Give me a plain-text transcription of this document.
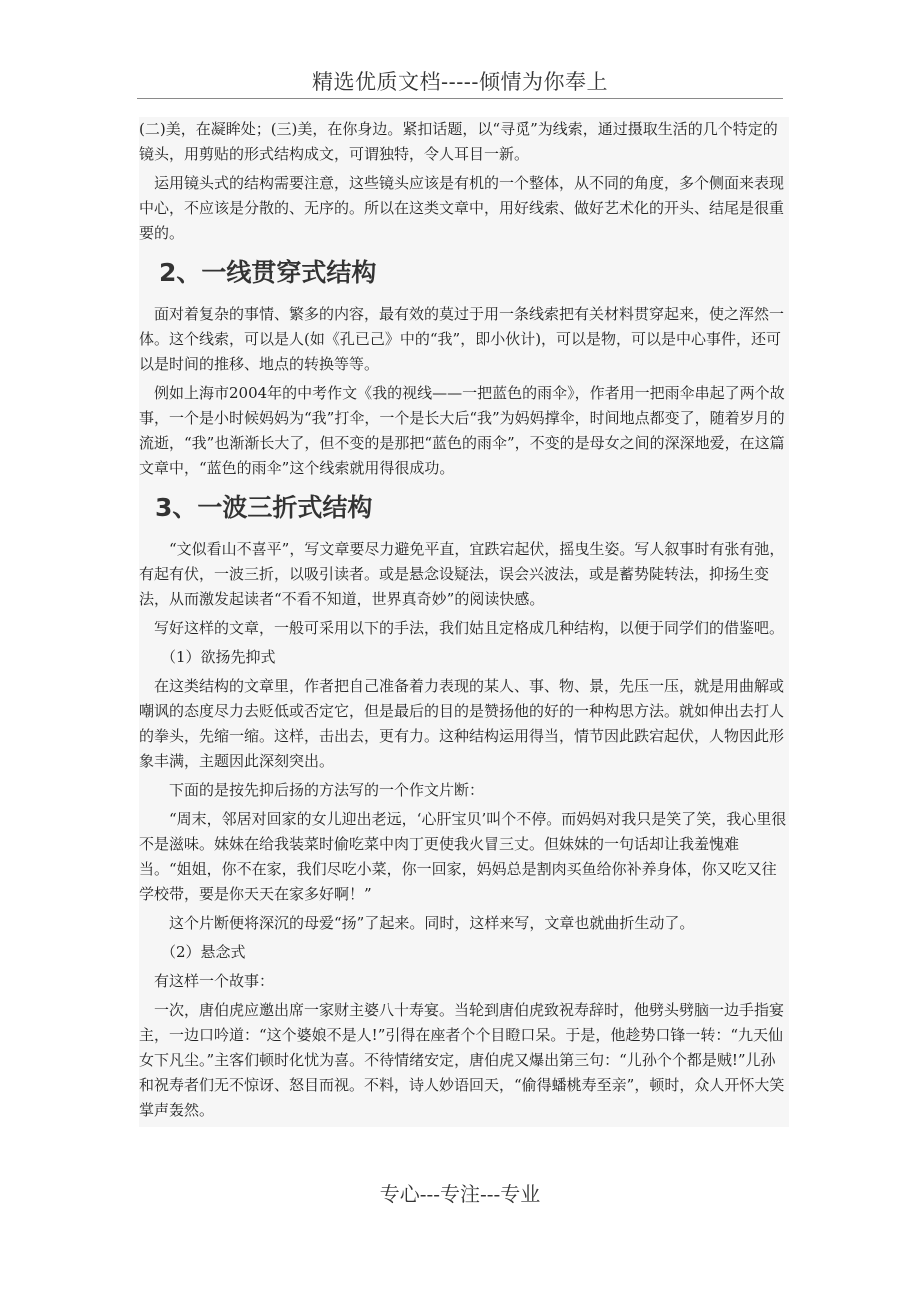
精选优质文档-----倾情为你奉上

(二)美，在凝眸处；(三)美，在你身边。紧扣话题，以“寻觅”为线索，通过摄取生活的几个特定的镜头，用剪贴的形式结构成文，可谓独特，令人耳目一新。

运用镜头式的结构需要注意，这些镜头应该是有机的一个整体，从不同的角度，多个侧面来表现中心，不应该是分散的、无序的。所以在这类文章中，用好线索、做好艺术化的开头、结尾是很重要的。

2、一线贯穿式结构

面对着复杂的事情、繁多的内容，最有效的莫过于用一条线索把有关材料贯穿起来，使之浑然一体。这个线索，可以是人(如《孔已己》中的“我”，即小伙计)，可以是物，可以是中心事件，还可以是时间的推移、地点的转换等等。

例如上海市2004年的中考作文《我的视线——一把蓝色的雨伞》，作者用一把雨伞串起了两个故事，一个是小时候妈妈为“我”打伞，一个是长大后“我”为妈妈撑伞，时间地点都变了，随着岁月的流逝，“我”也渐渐长大了，但不变的是那把“蓝色的雨伞”，不变的是母女之间的深深地爱，在这篇文章中，“蓝色的雨伞”这个线索就用得很成功。

3、一波三折式结构

“文似看山不喜平”，写文章要尽力避免平直，宜跌宕起伏，摇曳生姿。写人叙事时有张有弛，有起有伏，一波三折，以吸引读者。或是悬念设疑法，误会兴波法，或是蓄势陡转法，抑扬生变法，从而激发起读者“不看不知道，世界真奇妙”的阅读快感。

写好这样的文章，一般可采用以下的手法，我们姑且定格成几种结构，以便于同学们的借鉴吧。

（1）欲扬先抑式

在这类结构的文章里，作者把自己准备着力表现的某人、事、物、景，先压一压，就是用曲解或嘲讽的态度尽力去贬低或否定它，但是最后的目的是赞扬他的好的一种构思方法。就如伸出去打人的拳头，先缩一缩。这样，击出去，更有力。这种结构运用得当，情节因此跌宕起伏，人物因此形象丰满，主题因此深刻突出。

下面的是按先抑后扬的方法写的一个作文片断：

“周末，邻居对回家的女儿迎出老远，‘心肝宝贝’叫个不停。而妈妈对我只是笑了笑，我心里很不是滋味。妹妹在给我装菜时偷吃菜中肉丁更使我火冒三丈。但妹妹的一句话却让我羞愧难当。“姐姐，你不在家，我们尽吃小菜，你一回家，妈妈总是割肉买鱼给你补养身体，你又吃又往学校带，要是你天天在家多好啊！”

这个片断便将深沉的母爱“扬”了起来。同时，这样来写，文章也就曲折生动了。

（2）悬念式

有这样一个故事：

一次，唐伯虎应邀出席一家财主婆八十寿宴。当轮到唐伯虎致祝寿辞时，他劈头劈脑一边手指宴主，一边口吟道：“这个婆娘不是人!”引得在座者个个目瞪口呆。于是，他趁势口锋一转：“九天仙女下凡尘。”主客们顿时化忧为喜。不待情绪安定，唐伯虎又爆出第三句：“儿孙个个都是贼!”儿孙和祝寿者们无不惊讶、怒目而视。不料，诗人妙语回天，“偷得蟠桃寿至亲”，顿时，众人开怀大笑掌声轰然。

专心---专注---专业
